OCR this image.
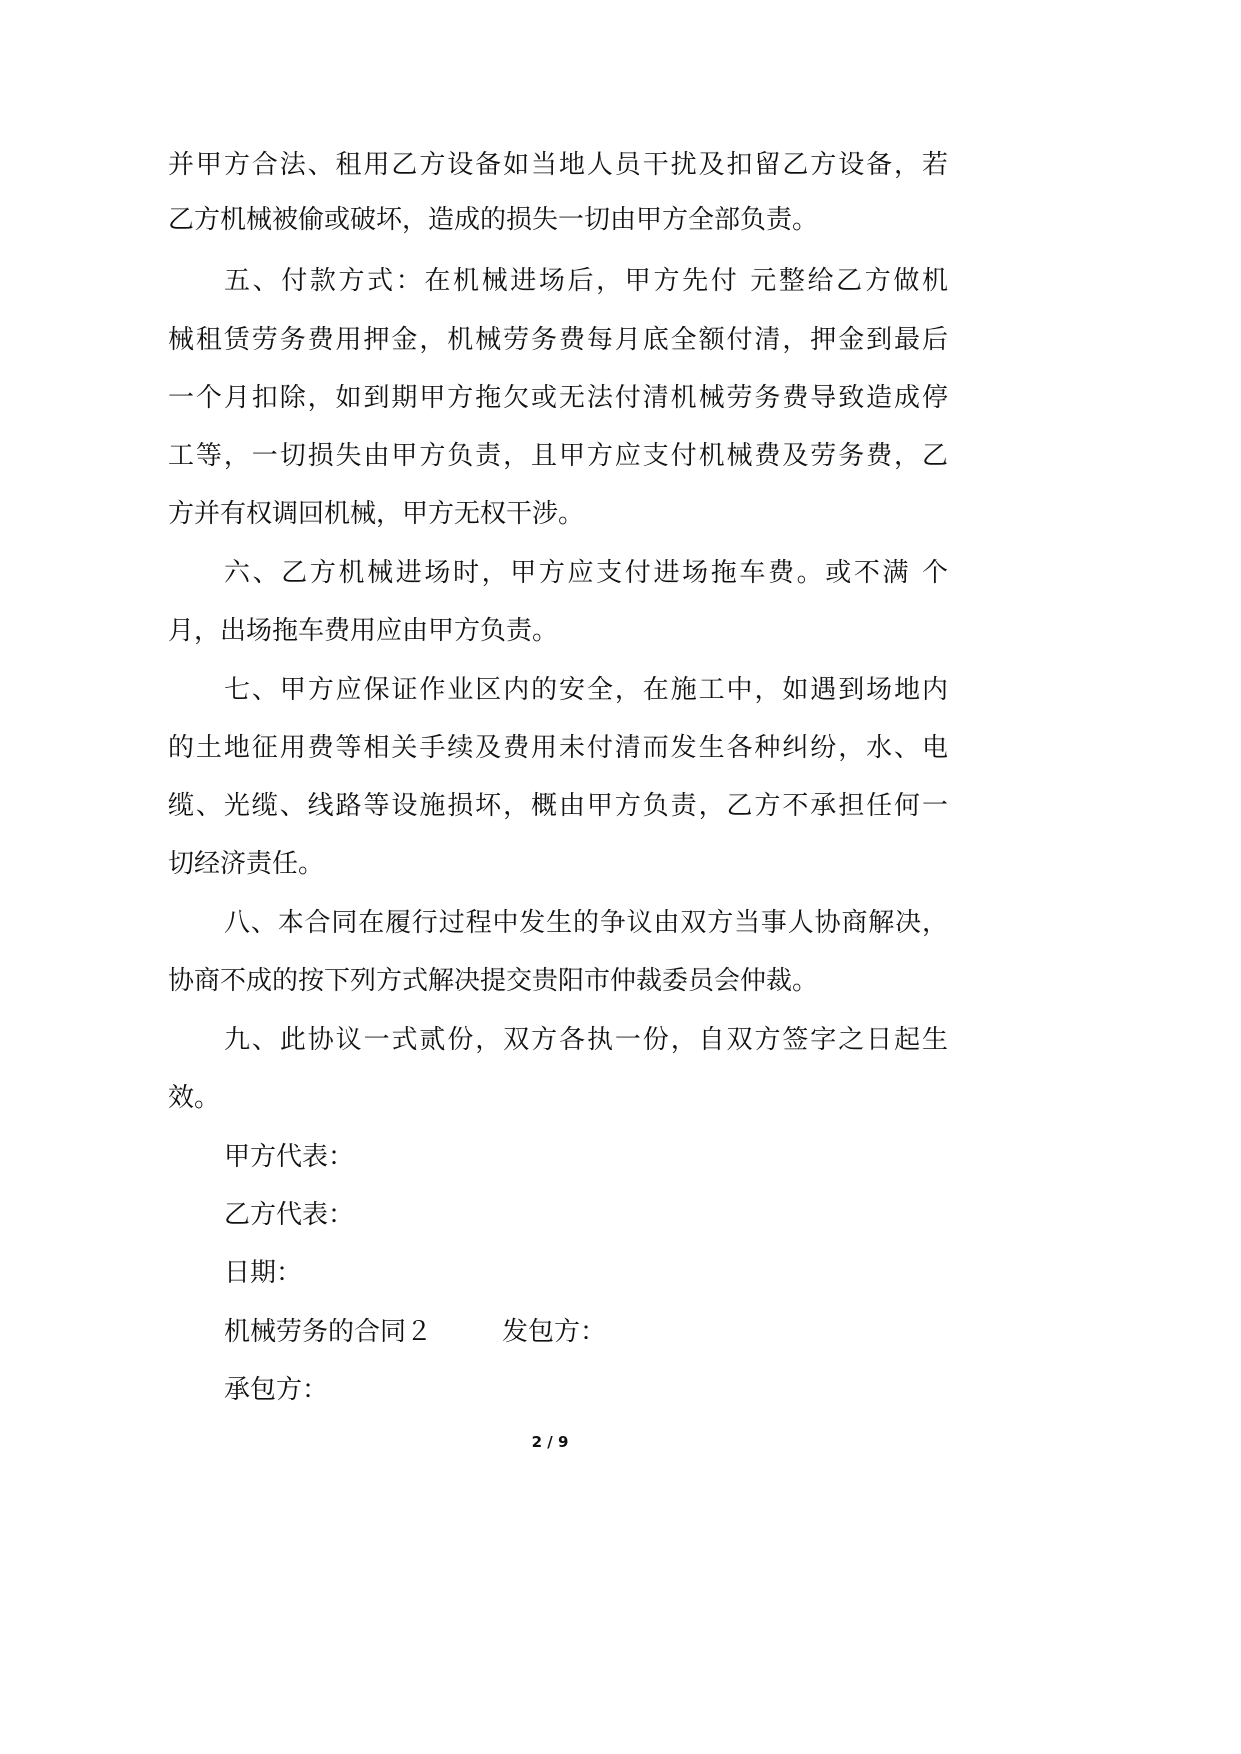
并甲方合法、租用乙方设备如当地人员干扰及扣留乙方设备，若
乙方机械被偷或破坏，造成的损失一切由甲方全部负责。
五、付款方式：在机械进场后，甲方先付 元整给乙方做机
械租赁劳务费用押金，机械劳务费每月底全额付清，押金到最后
一个月扣除，如到期甲方拖欠或无法付清机械劳务费导致造成停
工等，一切损失由甲方负责，且甲方应支付机械费及劳务费，乙
方并有权调回机械，甲方无权干涉。
六、乙方机械进场时，甲方应支付进场拖车费。或不满 个
月，出场拖车费用应由甲方负责。
七、甲方应保证作业区内的安全，在施工中，如遇到场地内
的土地征用费等相关手续及费用未付清而发生各种纠纷，水、电
缆、光缆、线路等设施损坏，概由甲方负责，乙方不承担任何一
切经济责任。
八、本合同在履行过程中发生的争议由双方当事人协商解决，
协商不成的按下列方式解决提交贵阳市仲裁委员会仲裁。
九、此协议一式贰份，双方各执一份，自双方签字之日起生
效。
甲方代表：
乙方代表：
日期：
机械劳务的合同２	发包方：
承包方：
2 / 9
